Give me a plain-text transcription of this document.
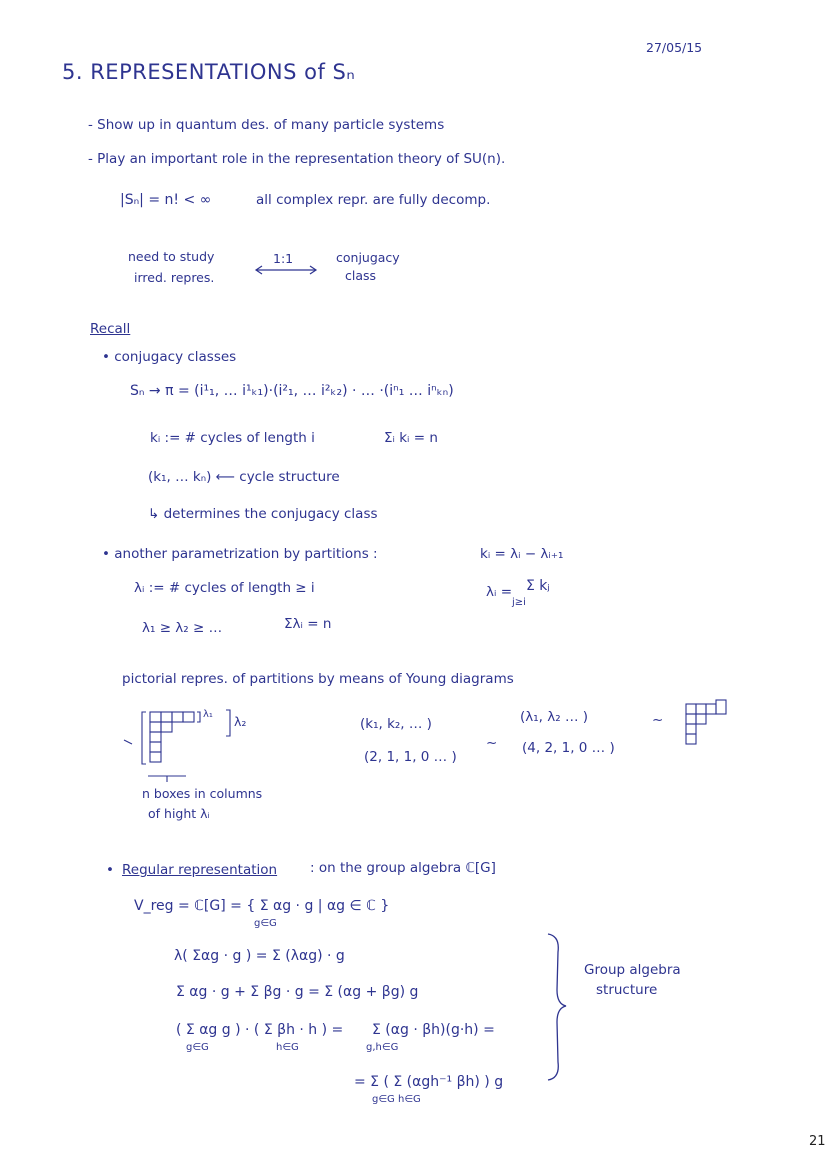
27/05/15
5. REPRESENTATIONS of Sₙ
- Show up in quantum des. of many particle systems
- Play an important role in the representation theory of SU(n).
|Sₙ| = n! < ∞	all complex repr. are fully decomp.
need to study
irred. repres.
1:1	conjugacy
class
Recall
• conjugacy classes
Sₙ → π = (i¹₁, … i¹ₖ₁)·(i²₁, … i²ₖ₂) · … ·(iⁿ₁ … iⁿₖₙ)
kᵢ := # cycles of length i	Σᵢ kᵢ = n
(k₁, … kₙ) ⟵ cycle structure
↳ determines the conjugacy class
• another parametrization by partitions :	kᵢ = λᵢ − λᵢ₊₁
λᵢ := # cycles of length ≥ i	λᵢ = Σ kⱼ
j≥i
λ₁ ≥ λ₂ ≥ …	Σλᵢ = n
pictorial repres. of partitions by means of Young diagrams
λ₁ λ₂	(k₁, k₂, … )
(2, 1, 1, 0 … )
~
(λ₁, λ₂ … )
(4, 2, 1, 0 … )
~
n boxes in columns
of hight λᵢ
• Regular representation : on the group algebra ℂ[G]
V_reg = ℂ[G] = { Σ αg · g | αg ∈ ℂ }
g∈G
λ( Σαg · g ) = Σ (λαg) · g
Σ αg · g + Σ βg · g = Σ (αg + βg) g
( Σ αg g ) · ( Σ βh · h ) =
g∈G	h∈G
Σ (αg · βh)(g·h) =
g,h∈G
= Σ ( Σ (αgh⁻¹ βh) ) g
g∈G h∈G
Group algebra
structure
21
